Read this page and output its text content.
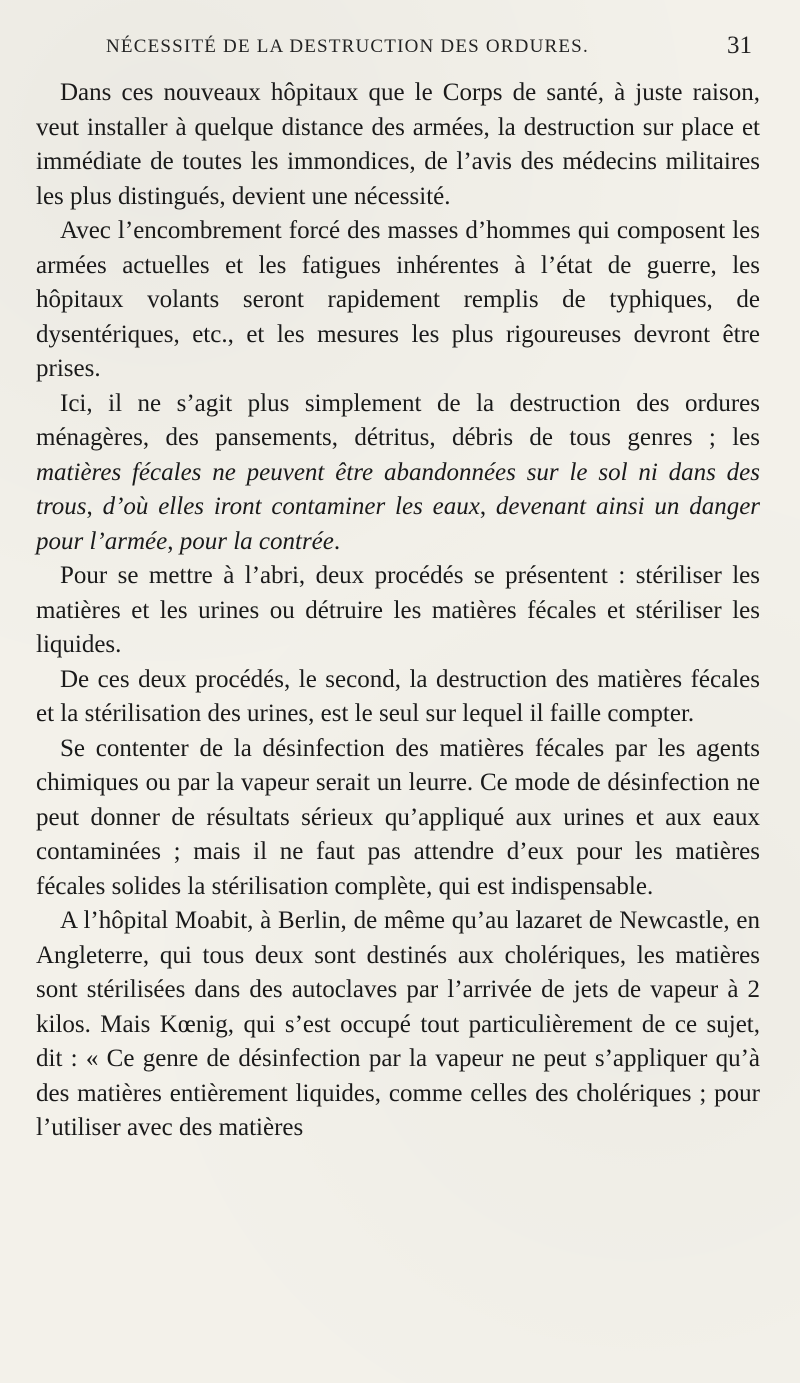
NÉCESSITÉ DE LA DESTRUCTION DES ORDURES.	31

Dans ces nouveaux hôpitaux que le Corps de santé, à juste raison, veut installer à quelque distance des armées, la destruction sur place et immédiate de toutes les immondices, de l’avis des médecins militaires les plus distingués, devient une nécessité.

Avec l’encombrement forcé des masses d’hommes qui composent les armées actuelles et les fatigues inhérentes à l’état de guerre, les hôpitaux volants seront rapidement remplis de typhiques, de dysentériques, etc., et les mesures les plus rigoureuses devront être prises.

Ici, il ne s’agit plus simplement de la destruction des ordures ménagères, des pansements, détritus, débris de tous genres ; les matières fécales ne peuvent être abandonnées sur le sol ni dans des trous, d’où elles iront contaminer les eaux, devenant ainsi un danger pour l’armée, pour la contrée.

Pour se mettre à l’abri, deux procédés se présentent : stériliser les matières et les urines ou détruire les matières fécales et stériliser les liquides.

De ces deux procédés, le second, la destruction des matières fécales et la stérilisation des urines, est le seul sur lequel il faille compter.

Se contenter de la désinfection des matières fécales par les agents chimiques ou par la vapeur serait un leurre. Ce mode de désinfection ne peut donner de résultats sérieux qu’appliqué aux urines et aux eaux contaminées ; mais il ne faut pas attendre d’eux pour les matières fécales solides la stérilisation complète, qui est indispensable.

A l’hôpital Moabit, à Berlin, de même qu’au lazaret de Newcastle, en Angleterre, qui tous deux sont destinés aux cholériques, les matières sont stérilisées dans des autoclaves par l’arrivée de jets de vapeur à 2 kilos. Mais Kœnig, qui s’est occupé tout particulièrement de ce sujet, dit : « Ce genre de désinfection par la vapeur ne peut s’appliquer qu’à des matières entièrement liquides, comme celles des cholériques ; pour l’utiliser avec des matières
